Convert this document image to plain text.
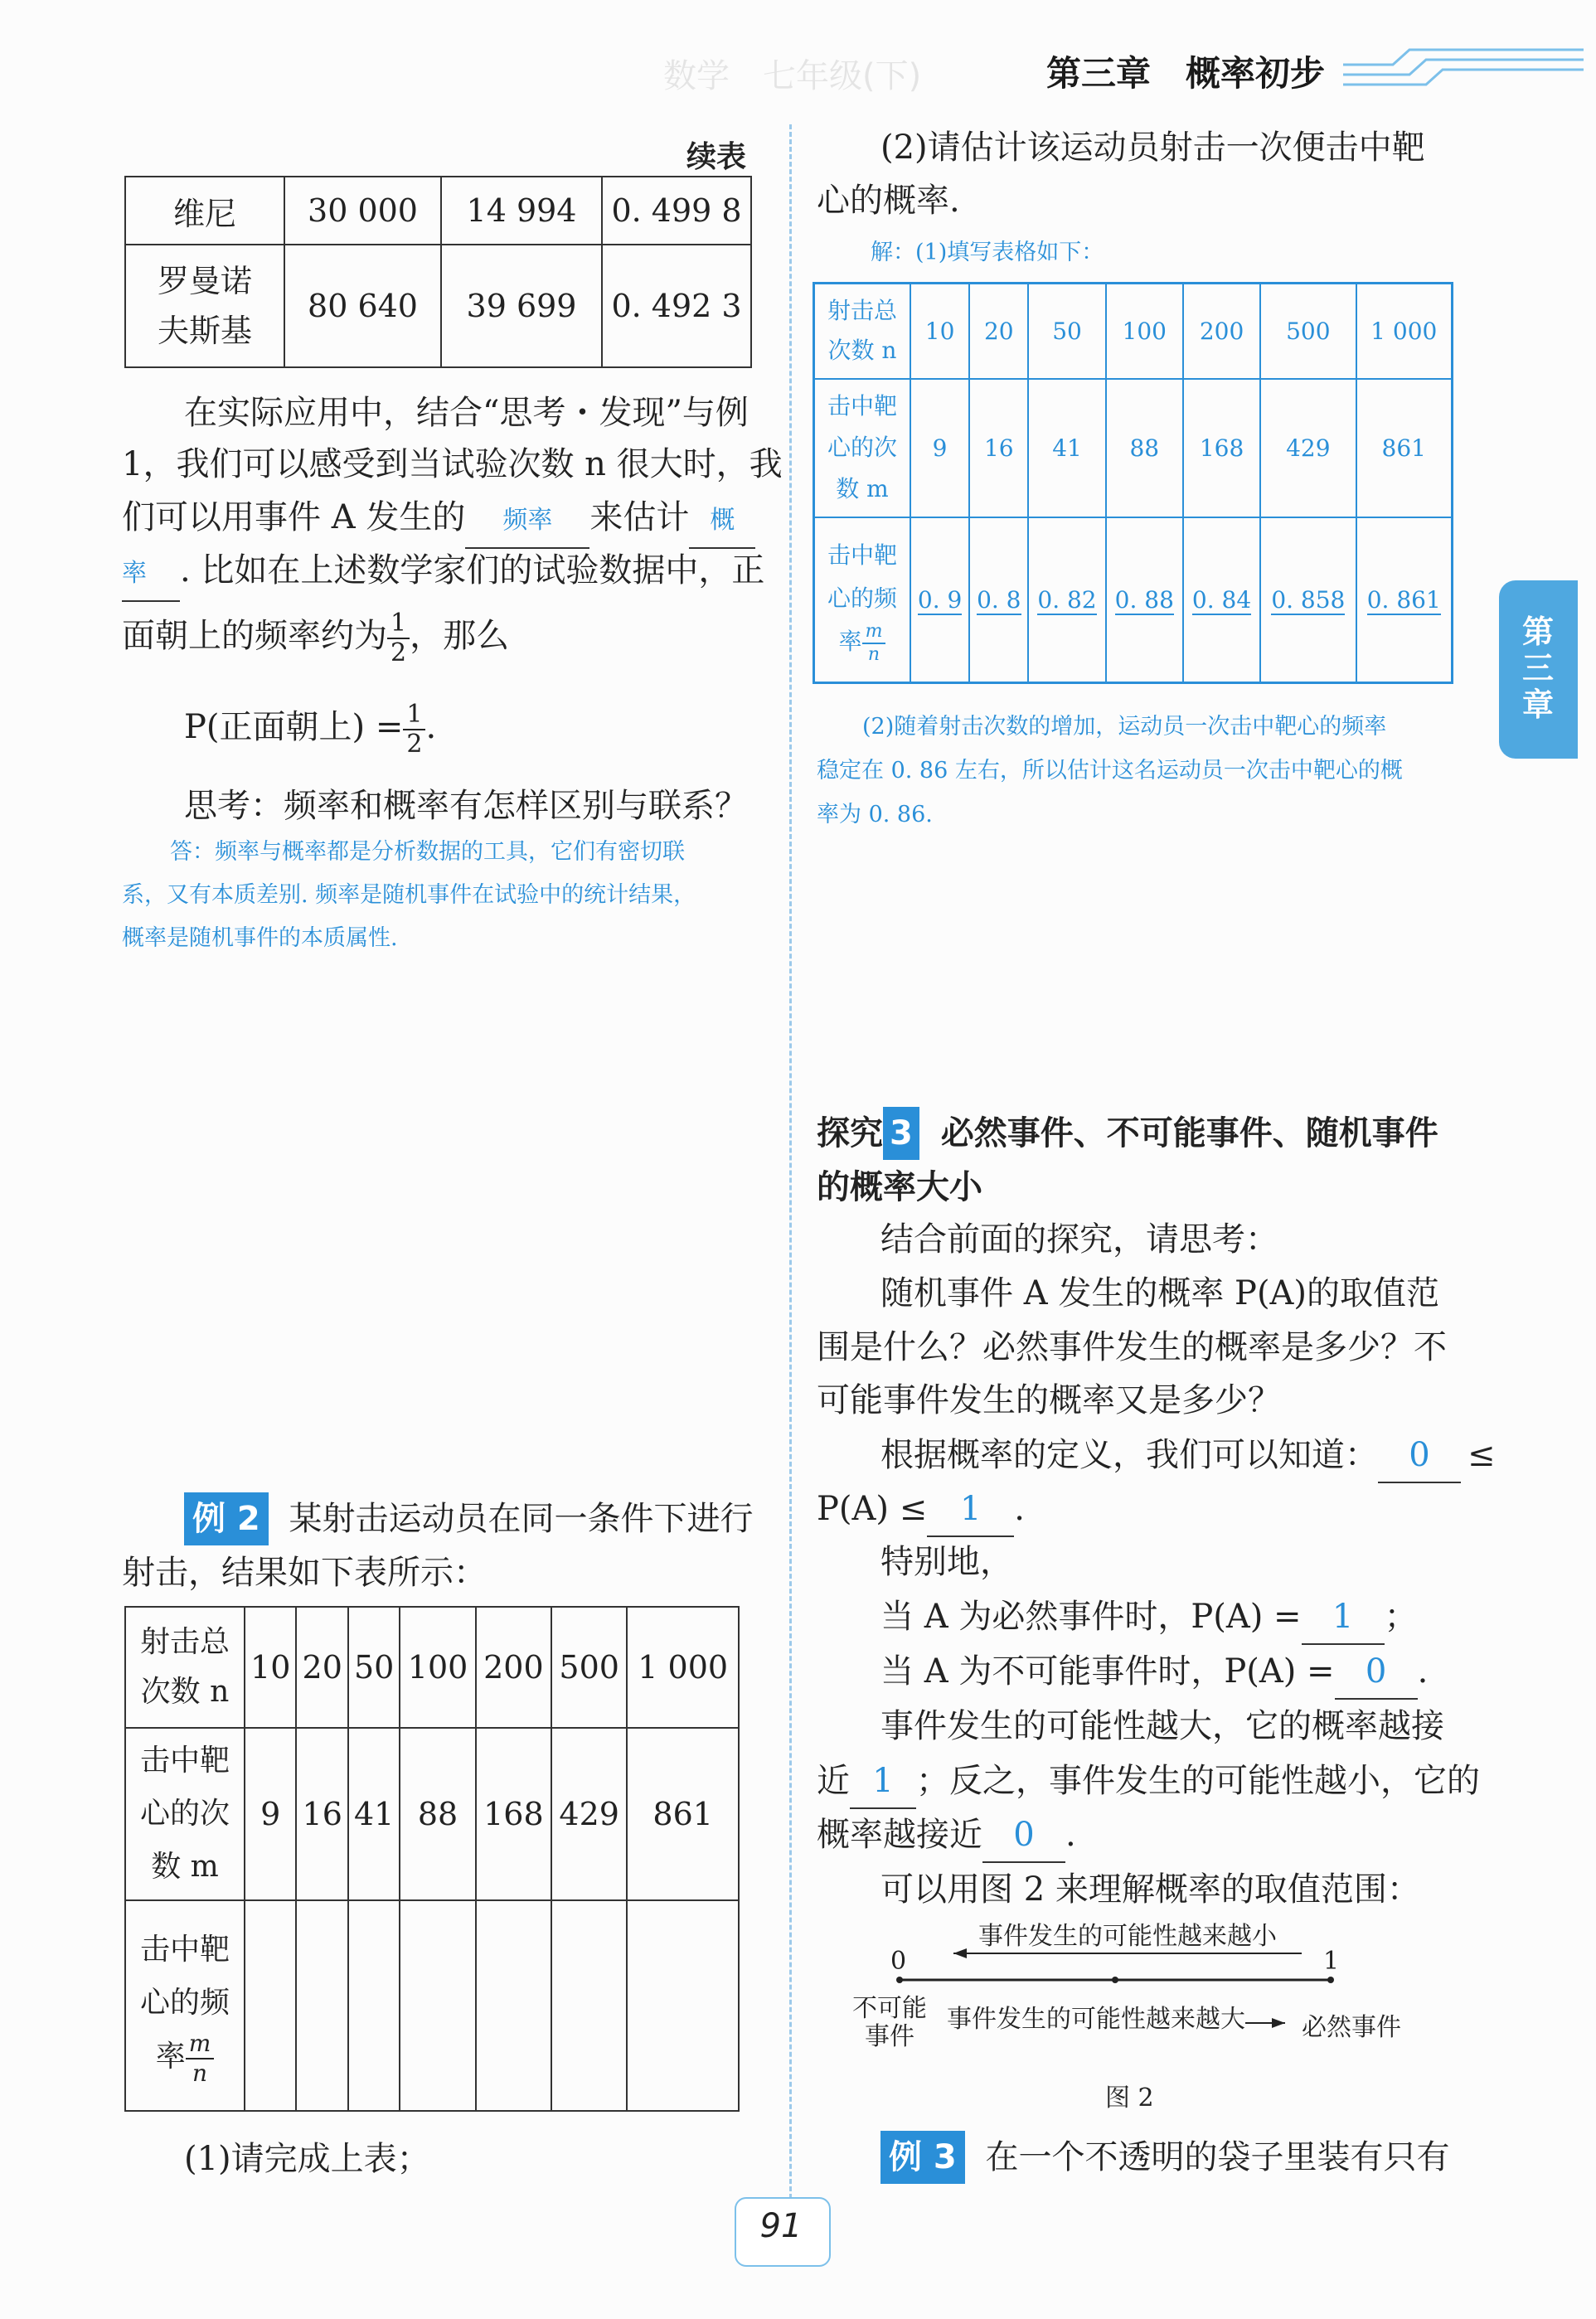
数学　七年级(下)	第三章　概率初步
第三章
续表
维尼	30 000	14 994	0. 499 8

罗曼诺
夫斯基	80 640	39 699	0. 492 3
在实际应用中，结合“思考・发现”与例
1，我们可以感受到当试验次数 n 很大时，我
们可以用事件 A 发生的 频率 来估计 概
率 . 比如在上述数学家们的试验数据中，正
面朝上的频率约为 $\frac{1}{2}$ ，那么
P(正面朝上) = $\frac{1}{2}$ .
思考：频率和概率有怎样区别与联系？
答：频率与概率都是分析数据的工具，它们有密切联
系，又有本质差别. 频率是随机事件在试验中的统计结果，
概率是随机事件的本质属性.
例 2 某射击运动员在同一条件下进行
射击，结果如下表所示：
射击总
次数 n	10	20	50	100	200	500	1 000

击中靶
心的次
数 m	9	16	41	88	168	429	861

击中靶
心的频
率 $\frac{m}{n}$

(1)请完成上表；
(2)请估计该运动员射击一次便击中靶
心的概率.
解：(1)填写表格如下：
射击总
次数 n	10	20	50	100	200	500	1 000

击中靶
心的次
数 m	9	16	41	88	168	429	861

击中靶
心的频
率 $\frac{m}{n}$	0. 9	0. 8	0. 82	0. 88	0. 84	0. 858	0. 861
(2)随着射击次数的增加，运动员一次击中靶心的频率
稳定在 0. 86 左右，所以估计这名运动员一次击中靶心的概
率为 0. 86.
探究 3 必然事件、不可能事件、随机事件
的概率大小
结合前面的探究，请思考：
随机事件 A 发生的概率 P(A)的取值范
围是什么？必然事件发生的概率是多少？不
可能事件发生的概率又是多少？
根据概率的定义，我们可以知道： 0 ≤
P(A) ≤ 1 .
特别地，
当 A 为必然事件时，P(A) = 1 ；
当 A 为不可能事件时，P(A) = 0 .
事件发生的可能性越大，它的概率越接
近 1 ；反之，事件发生的可能性越小，它的
概率越接近 0 .
可以用图 2 来理解概率的取值范围：
事件发生的可能性越来越小
0	1
不可能
事件
事件发生的可能性越来越大 必然事件
图 2
例 3 在一个不透明的袋子里装有只有
91
